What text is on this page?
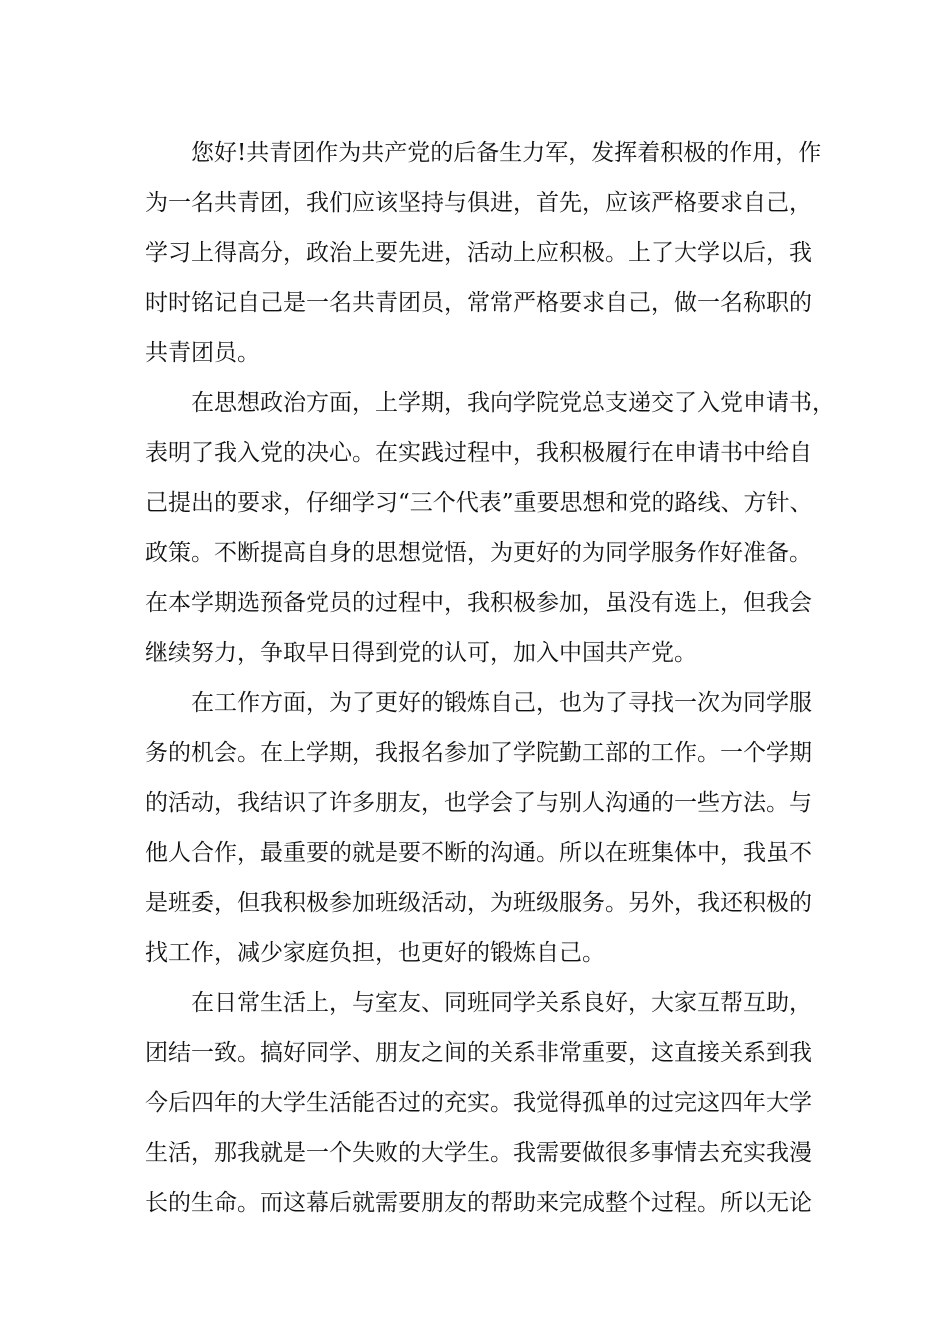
您好!共青团作为共产党的后备生力军，发挥着积极的作用，作
为一名共青团，我们应该坚持与俱进，首先，应该严格要求自己，
学习上得高分，政治上要先进，活动上应积极。上了大学以后，我
时时铭记自己是一名共青团员，常常严格要求自己，做一名称职的
共青团员。
在思想政治方面，上学期，我向学院党总支递交了入党申请书，
表明了我入党的决心。在实践过程中，我积极履行在申请书中给自
己提出的要求，仔细学习“三个代表”重要思想和党的路线、方针、
政策。不断提高自身的思想觉悟，为更好的为同学服务作好准备。
在本学期选预备党员的过程中，我积极参加，虽没有选上，但我会
继续努力，争取早日得到党的认可，加入中国共产党。
在工作方面，为了更好的锻炼自己，也为了寻找一次为同学服
务的机会。在上学期，我报名参加了学院勤工部的工作。一个学期
的活动，我结识了许多朋友，也学会了与别人沟通的一些方法。与
他人合作，最重要的就是要不断的沟通。所以在班集体中，我虽不
是班委，但我积极参加班级活动，为班级服务。另外，我还积极的
找工作，减少家庭负担，也更好的锻炼自己。
在日常生活上，与室友、同班同学关系良好，大家互帮互助，
团结一致。搞好同学、朋友之间的关系非常重要，这直接关系到我
今后四年的大学生活能否过的充实。我觉得孤单的过完这四年大学
生活，那我就是一个失败的大学生。我需要做很多事情去充实我漫
长的生命。而这幕后就需要朋友的帮助来完成整个过程。所以无论
